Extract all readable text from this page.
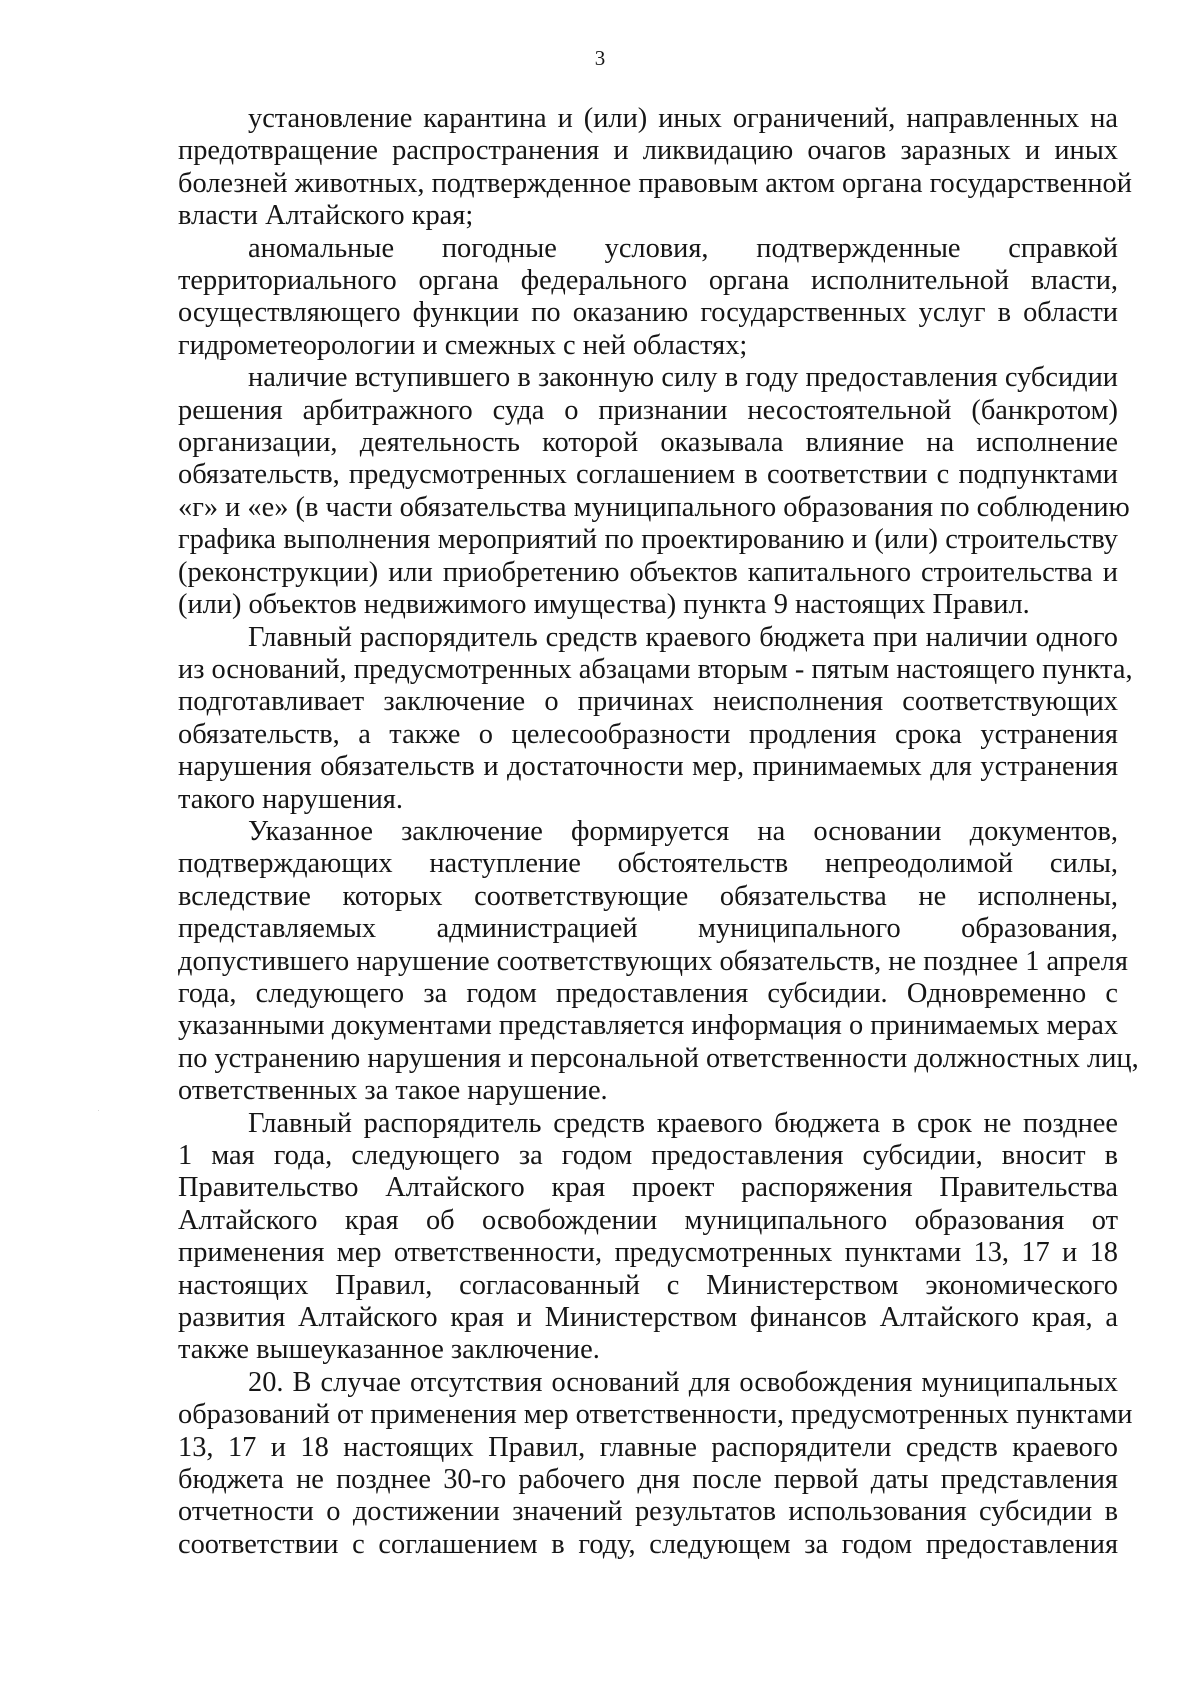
3

установление карантина и (или) иных ограничений, направленных на
предотвращение распространения и ликвидацию очагов заразных и иных
болезней животных, подтвержденное правовым актом органа государственной
власти Алтайского края;

аномальные погодные условия, подтвержденные справкой
территориального органа федерального органа исполнительной власти,
осуществляющего функции по оказанию государственных услуг в области
гидрометеорологии и смежных с ней областях;

наличие вступившего в законную силу в году предоставления субсидии
решения арбитражного суда о признании несостоятельной (банкротом)
организации, деятельность которой оказывала влияние на исполнение
обязательств, предусмотренных соглашением в соответствии с подпунктами
«г» и «е» (в части обязательства муниципального образования по соблюдению
графика выполнения мероприятий по проектированию и (или) строительству
(реконструкции) или приобретению объектов капитального строительства и
(или) объектов недвижимого имущества) пункта 9 настоящих Правил.

Главный распорядитель средств краевого бюджета при наличии одного
из оснований, предусмотренных абзацами вторым - пятым настоящего пункта,
подготавливает заключение о причинах неисполнения соответствующих
обязательств, а также о целесообразности продления срока устранения
нарушения обязательств и достаточности мер, принимаемых для устранения
такого нарушения.

Указанное заключение формируется на основании документов,
подтверждающих наступление обстоятельств непреодолимой силы,
вследствие которых соответствующие обязательства не исполнены,
представляемых администрацией муниципального образования,
допустившего нарушение соответствующих обязательств, не позднее 1 апреля
года, следующего за годом предоставления субсидии. Одновременно с
указанными документами представляется информация о принимаемых мерах
по устранению нарушения и персональной ответственности должностных лиц,
ответственных за такое нарушение.

Главный распорядитель средств краевого бюджета в срок не позднее
1 мая года, следующего за годом предоставления субсидии, вносит в
Правительство Алтайского края проект распоряжения Правительства
Алтайского края об освобождении муниципального образования от
применения мер ответственности, предусмотренных пунктами 13, 17 и 18
настоящих Правил, согласованный с Министерством экономического
развития Алтайского края и Министерством финансов Алтайского края, а
также вышеуказанное заключение.

20. В случае отсутствия оснований для освобождения муниципальных
образований от применения мер ответственности, предусмотренных пунктами
13, 17 и 18 настоящих Правил, главные распорядители средств краевого
бюджета не позднее 30-го рабочего дня после первой даты представления
отчетности о достижении значений результатов использования субсидии в
соответствии с соглашением в году, следующем за годом предоставления
